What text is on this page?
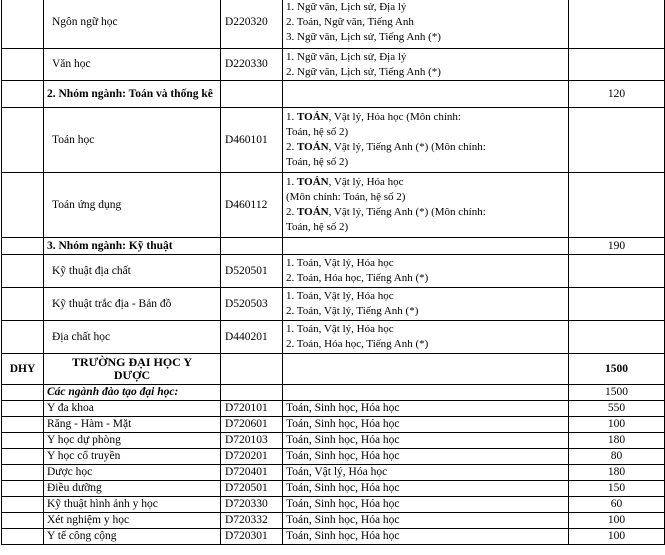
	Ngôn ngữ học	D220320	1. Ngữ văn, Lịch sử, Địa lý
2. Toán, Ngữ văn, Tiếng Anh
3. Ngữ văn, Lịch sử, Tiếng Anh (*)	

	Văn học	D220330	1. Ngữ văn, Lịch sử, Địa lý
2. Ngữ văn, Lịch sử, Tiếng Anh (*)	

	2. Nhóm ngành: Toán và thống kê			120
	Toán học	D460101	1. TOÁN, Vật lý, Hóa học (Môn chính:
Toán, hệ số 2)
2. TOÁN, Vật lý, Tiếng Anh (*) (Môn chính:
Toán, hệ số 2)	

	Toán ứng dụng	D460112	1. TOÁN, Vật lý, Hóa học
(Môn chính: Toán, hệ số 2)
2. TOÁN, Vật lý, Tiếng Anh (*) (Môn chính:
Toán, hệ số 2)	

	3. Nhóm ngành: Kỹ thuật			190
	Kỹ thuật địa chất	D520501	1. Toán, Vật lý, Hóa học
2. Toán, Hóa học, Tiếng Anh (*)	

	Kỹ thuật trắc địa - Bản đồ	D520503	1. Toán, Vật lý, Hóa học
2. Toán, Vật lý, Tiếng Anh (*)	

	Địa chất học	D440201	1. Toán, Vật lý, Hóa học
2. Toán, Hóa học, Tiếng Anh (*)	

DHY	TRƯỜNG ĐẠI HỌC Y DƯỢC			1500
	Các ngành đào tạo đại học:			1500
	Y đa khoa	D720101	Toán, Sinh học, Hóa học	550
	Răng - Hàm - Mặt	D720601	Toán, Sinh học, Hóa học	100
	Y học dự phòng	D720103	Toán, Sinh học, Hóa học	180
	Y học cổ truyền	D720201	Toán, Sinh học, Hóa học	80
	Dược học	D720401	Toán, Vật lý, Hóa học	180
	Điều dưỡng	D720501	Toán, Sinh học, Hóa học	150
	Kỹ thuật hình ảnh y học	D720330	Toán, Sinh học, Hóa học	60
	Xét nghiệm y học	D720332	Toán, Sinh học, Hóa học	100
	Y tế công cộng	D720301	Toán, Sinh học, Hóa học	100
